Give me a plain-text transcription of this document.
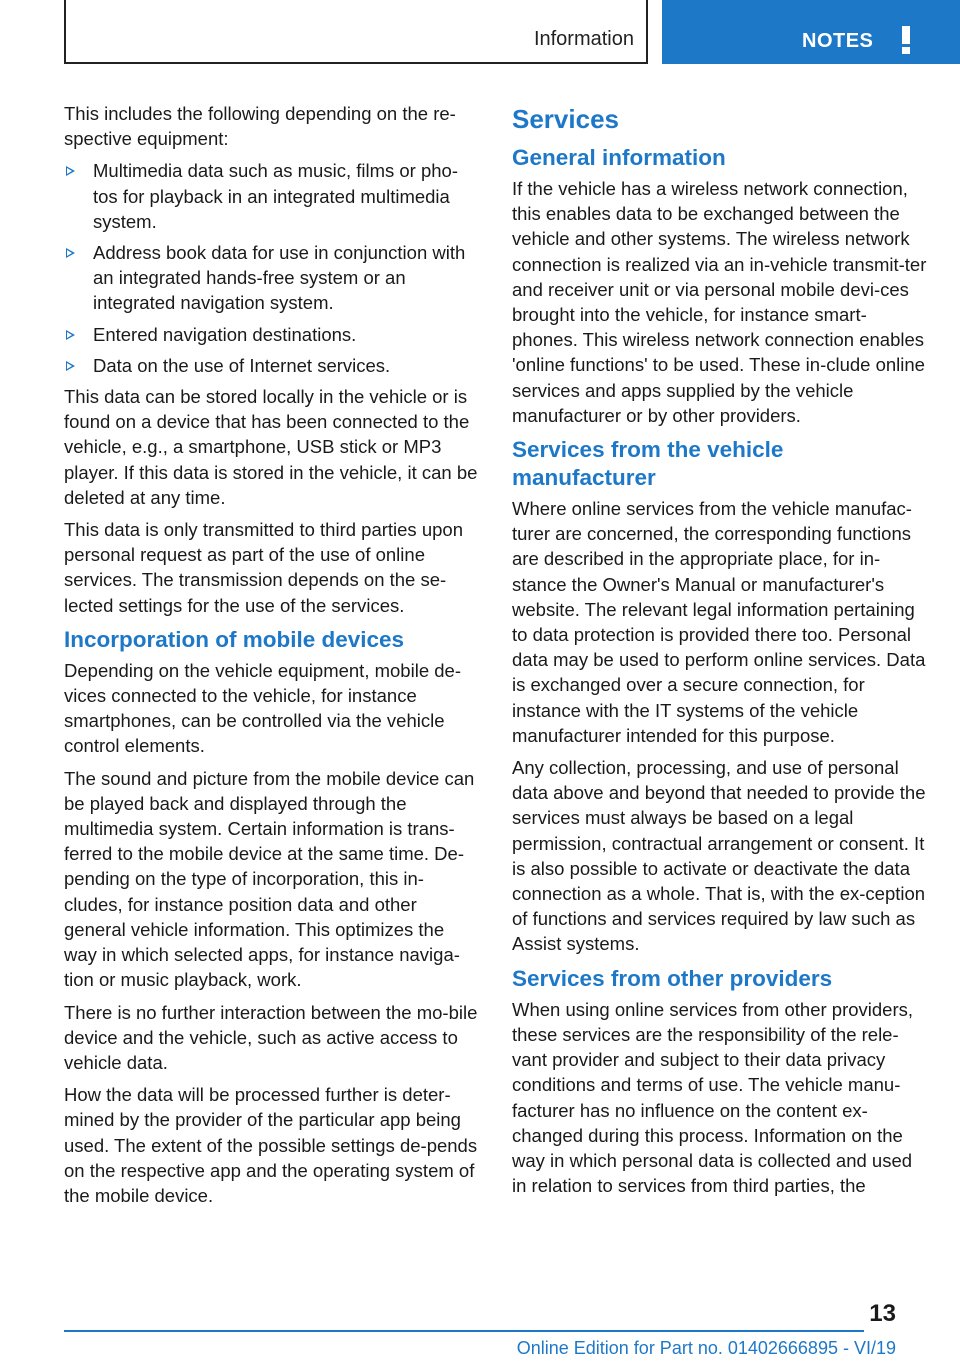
Information	NOTES

This includes the following depending on the re-spective equipment:

Multimedia data such as music, films or pho-tos for playback in an integrated multimedia system.
Address book data for use in conjunction with an integrated hands-free system or an integrated navigation system.
Entered navigation destinations.
Data on the use of Internet services.

This data can be stored locally in the vehicle or is found on a device that has been connected to the vehicle, e.g., a smartphone, USB stick or MP3 player. If this data is stored in the vehicle, it can be deleted at any time.

This data is only transmitted to third parties upon personal request as part of the use of online services. The transmission depends on the se-lected settings for the use of the services.

Incorporation of mobile devices

Depending on the vehicle equipment, mobile de-vices connected to the vehicle, for instance smartphones, can be controlled via the vehicle control elements.

The sound and picture from the mobile device can be played back and displayed through the multimedia system. Certain information is trans-ferred to the mobile device at the same time. De-pending on the type of incorporation, this in-cludes, for instance position data and other general vehicle information. This optimizes the way in which selected apps, for instance naviga-tion or music playback, work.

There is no further interaction between the mo-bile device and the vehicle, such as active access to vehicle data.

How the data will be processed further is deter-mined by the provider of the particular app being used. The extent of the possible settings de-pends on the respective app and the operating system of the mobile device.

Services
General information

If the vehicle has a wireless network connection, this enables data to be exchanged between the vehicle and other systems. The wireless network connection is realized via an in-vehicle transmit-ter and receiver unit or via personal mobile devi-ces brought into the vehicle, for instance smart-phones. This wireless network connection enables 'online functions' to be used. These in-clude online services and apps supplied by the vehicle manufacturer or by other providers.

Services from the vehicle manufacturer

Where online services from the vehicle manufac-turer are concerned, the corresponding functions are described in the appropriate place, for in-stance the Owner's Manual or manufacturer's website. The relevant legal information pertaining to data protection is provided there too. Personal data may be used to perform online services. Data is exchanged over a secure connection, for instance with the IT systems of the vehicle manufacturer intended for this purpose.

Any collection, processing, and use of personal data above and beyond that needed to provide the services must always be based on a legal permission, contractual arrangement or consent. It is also possible to activate or deactivate the data connection as a whole. That is, with the ex-ception of functions and services required by law such as Assist systems.

Services from other providers

When using online services from other providers, these services are the responsibility of the rele-vant provider and subject to their data privacy conditions and terms of use. The vehicle manu-facturer has no influence on the content ex-changed during this process. Information on the way in which personal data is collected and used in relation to services from third parties, the

13
Online Edition for Part no. 01402666895 - VI/19
